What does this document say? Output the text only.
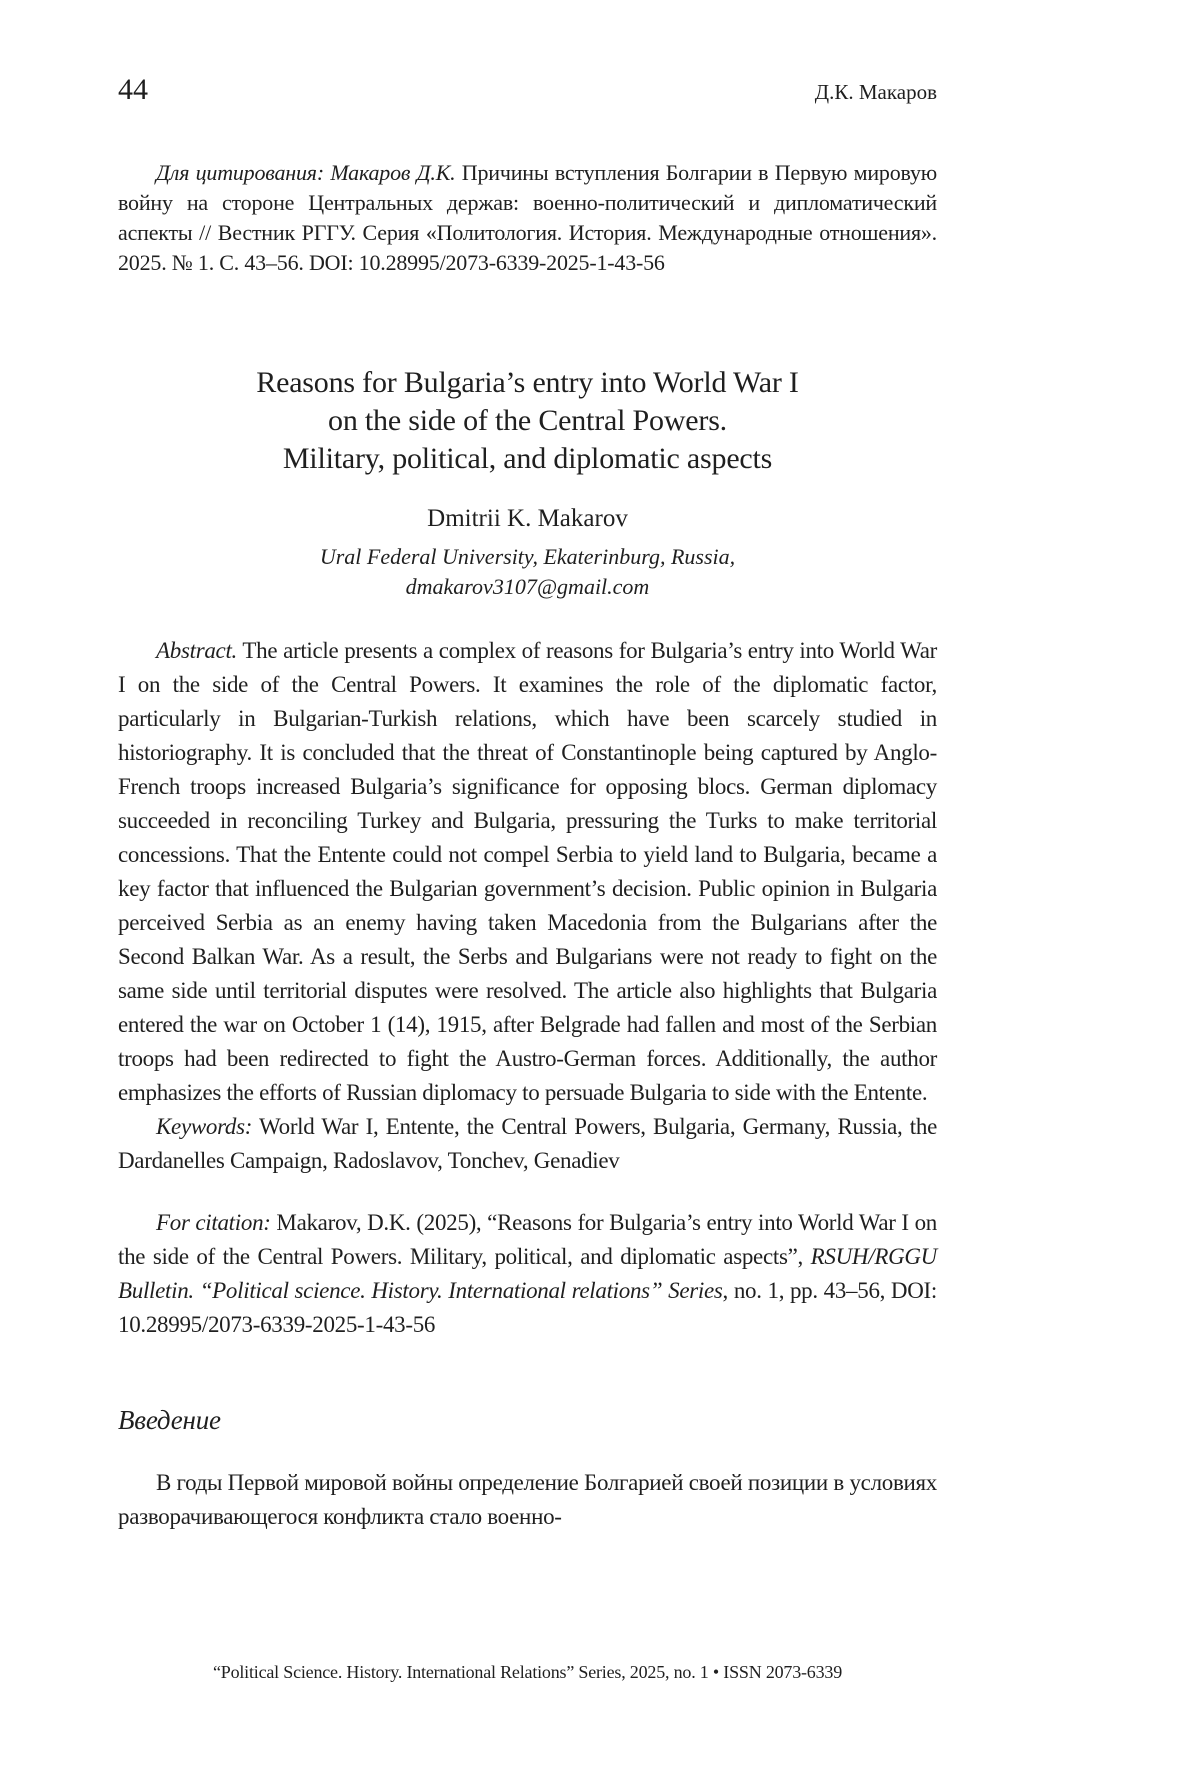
44	Д.К. Макаров

Для цитирования: Макаров Д.К. Причины вступления Болгарии в Первую мировую войну на стороне Центральных держав: военно-политический и дипломатический аспекты // Вестник РГГУ. Серия «Политология. История. Международные отношения». 2025. № 1. С. 43–56. DOI: 10.28995/2073-6339-2025-1-43-56

Reasons for Bulgaria’s entry into World War I
on the side of the Central Powers.
Military, political, and diplomatic aspects
Dmitrii K. Makarov
Ural Federal University, Ekaterinburg, Russia,
dmakarov3107@gmail.com

Abstract. The article presents a complex of reasons for Bulgaria’s entry into World War I on the side of the Central Powers. It examines the role of the diplomatic factor, particularly in Bulgarian-Turkish relations, which have been scarcely studied in historiography. It is concluded that the threat of Constantinople being captured by Anglo-French troops increased Bulgaria’s significance for opposing blocs. German diplomacy succeeded in reconciling Turkey and Bulgaria, pressuring the Turks to make territorial concessions. That the Entente could not compel Serbia to yield land to Bulgaria, became a key factor that influenced the Bulgarian government’s decision. Public opinion in Bulgaria perceived Serbia as an enemy having taken Macedonia from the Bulgarians after the Second Balkan War. As a result, the Serbs and Bulgarians were not ready to fight on the same side until territorial disputes were resolved. The article also highlights that Bulgaria entered the war on October 1 (14), 1915, after Belgrade had fallen and most of the Serbian troops had been redirected to fight the Austro-German forces. Additionally, the author emphasizes the efforts of Russian diplomacy to persuade Bulgaria to side with the Entente.

Keywords: World War I, Entente, the Central Powers, Bulgaria, Germany, Russia, the Dardanelles Campaign, Radoslavov, Tonchev, Genadiev

For citation: Makarov, D.K. (2025), “Reasons for Bulgaria’s entry into World War I on the side of the Central Powers. Military, political, and diplomatic aspects”, RSUH/RGGU Bulletin. “Political science. History. International relations” Series, no. 1, pp. 43–56, DOI: 10.28995/2073-6339-2025-1-43-56

Введение

В годы Первой мировой войны определение Болгарией своей позиции в условиях разворачивающегося конфликта стало военно-

“Political Science. History. International Relations” Series, 2025, no. 1 • ISSN 2073-6339
